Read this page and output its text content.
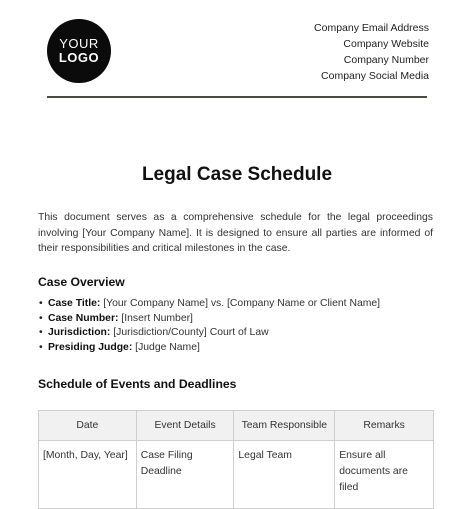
YOUR
LOGO
Company Email Address
Company Website
Company Number
Company Social Media
Legal Case Schedule
This document serves as a comprehensive schedule for the legal proceedings involving [Your Company Name]. It is designed to ensure all parties are informed of their responsibilities and critical milestones in the case.
Case Overview
• Case Title: [Your Company Name] vs. [Company Name or Client Name]
• Case Number: [Insert Number]
• Jurisdiction: [Jurisdiction/County] Court of Law
• Presiding Judge: [Judge Name]
Schedule of Events and Deadlines
Date	Event Details	Team Responsible	Remarks
[Month, Day, Year]	Case Filing Deadline	Legal Team	Ensure all documents are filed
